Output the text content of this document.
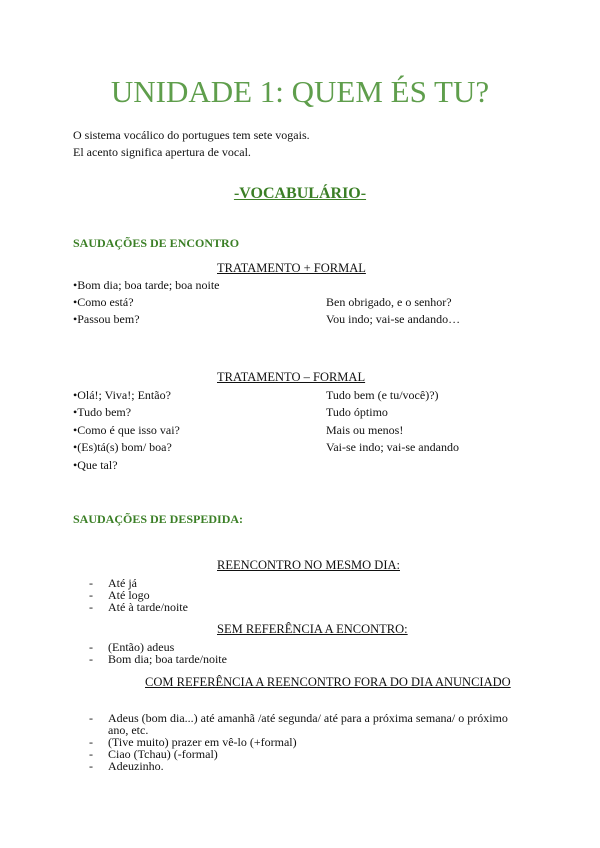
UNIDADE 1: QUEM ÉS TU?
O sistema vocálico do portugues tem sete vogais.
El acento significa apertura de vocal.
-VOCABULÁRIO-
SAUDAÇÕES DE ENCONTRO
TRATAMENTO + FORMAL
•Bom dia; boa tarde; boa noite
•Como está?	Ben obrigado, e o senhor?
•Passou bem?	Vou indo; vai-se andando…
TRATAMENTO – FORMAL
•Olá!; Viva!; Então?	Tudo bem (e tu/você)?)
•Tudo bem?	Tudo óptimo
•Como é que isso vai?	Mais ou menos!
•(Es)tá(s) bom/ boa?	Vai-se indo; vai-se andando
•Que tal?
SAUDAÇÕES DE DESPEDIDA:
REENCONTRO NO MESMO DIA:
- Até já
- Até logo
- Até à tarde/noite
SEM REFERÊNCIA A ENCONTRO:
- (Então) adeus
- Bom dia; boa tarde/noite
COM REFERÊNCIA A REENCONTRO FORA DO DIA ANUNCIADO
- Adeus (bom dia...) até amanhã /até segunda/ até para a próxima semana/ o próximo
ano, etc.
- (Tive muito) prazer em vê-lo (+formal)
- Ciao (Tchau) (-formal)
- Adeuzinho.
